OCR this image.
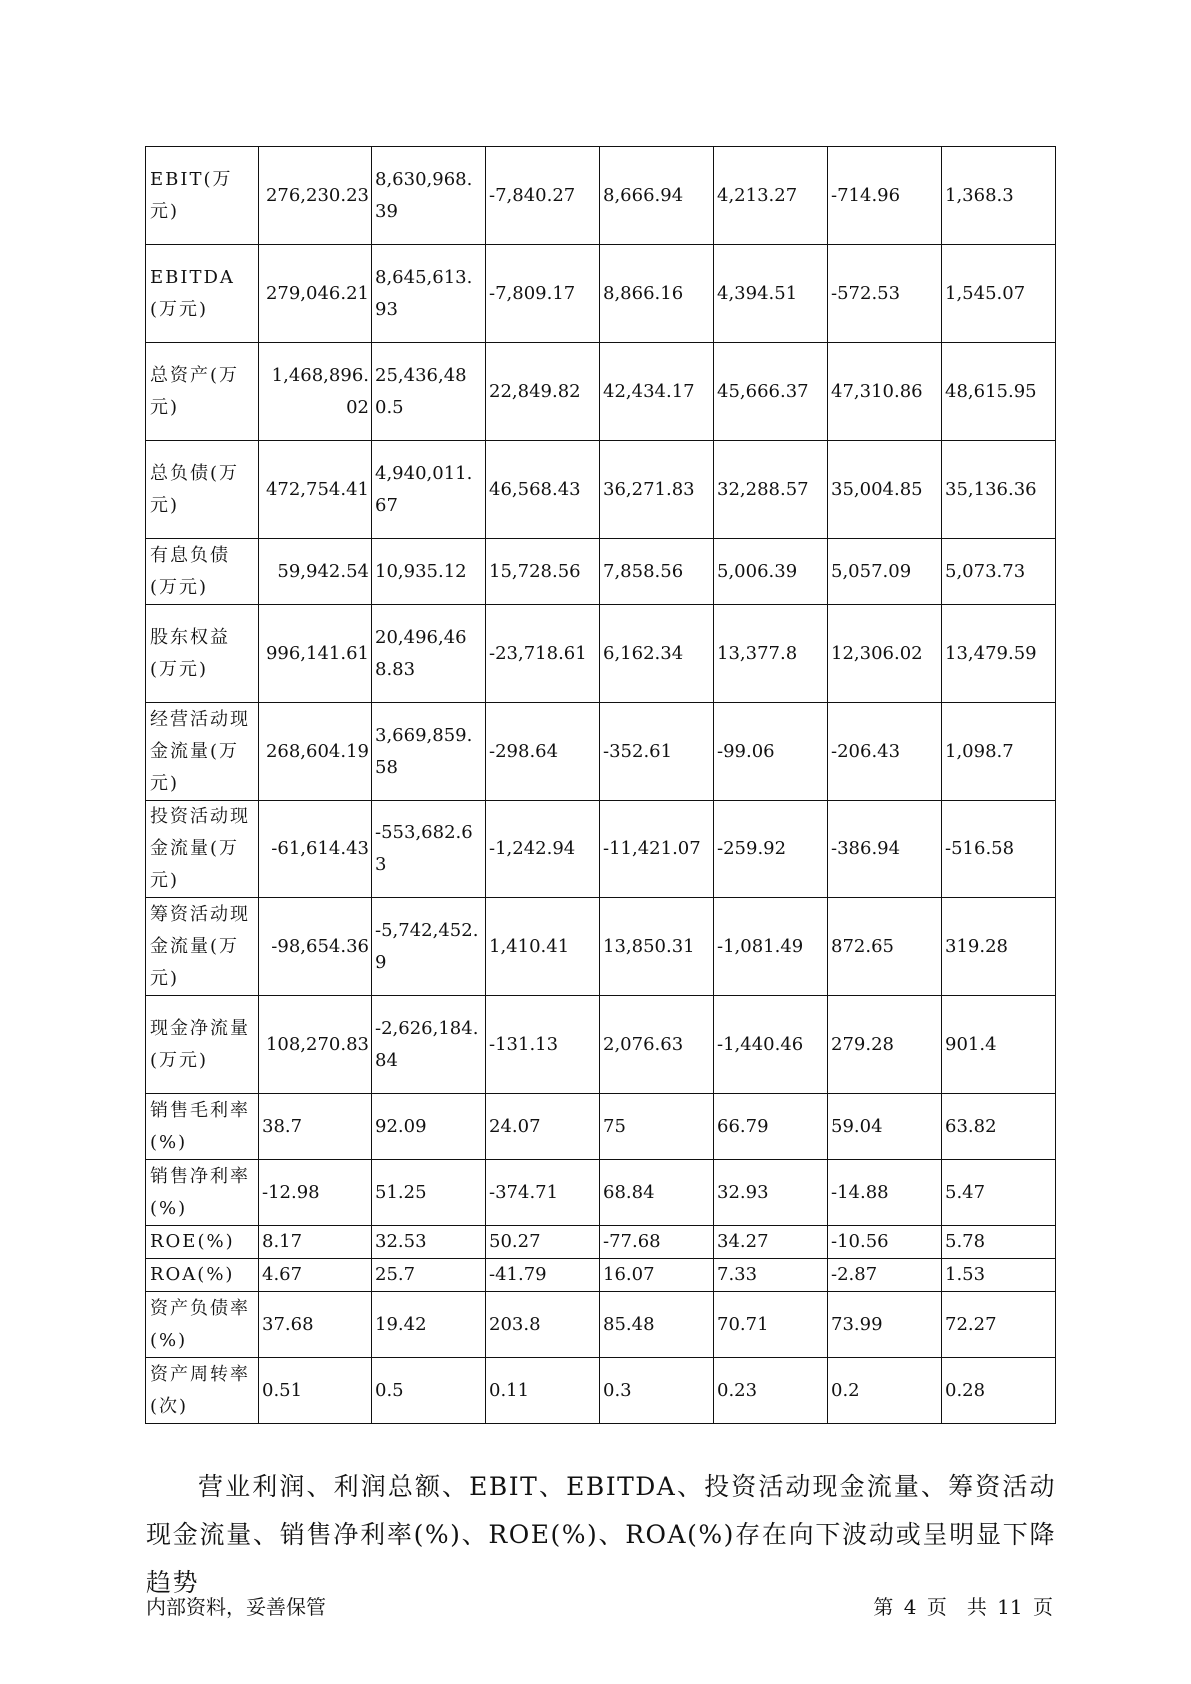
EBIT(万元)	276,230.23	8,630,968.39	-7,840.27	8,666.94	4,213.27	-714.96	1,368.3
EBITDA(万元)	279,046.21	8,645,613.93	-7,809.17	8,866.16	4,394.51	-572.53	1,545.07
总资产(万元)	1,468,896.02	25,436,480.5	22,849.82	42,434.17	45,666.37	47,310.86	48,615.95
总负债(万元)	472,754.41	4,940,011.67	46,568.43	36,271.83	32,288.57	35,004.85	35,136.36
有息负债(万元)	59,942.54	10,935.12	15,728.56	7,858.56	5,006.39	5,057.09	5,073.73
股东权益(万元)	996,141.61	20,496,468.83	-23,718.61	6,162.34	13,377.8	12,306.02	13,479.59
经营活动现金流量(万元)	268,604.19	3,669,859.58	-298.64	-352.61	-99.06	-206.43	1,098.7
投资活动现金流量(万元)	-61,614.43	-553,682.63	-1,242.94	-11,421.07	-259.92	-386.94	-516.58
筹资活动现金流量(万元)	-98,654.36	-5,742,452.9	1,410.41	13,850.31	-1,081.49	872.65	319.28
现金净流量(万元)	108,270.83	-2,626,184.84	-131.13	2,076.63	-1,440.46	279.28	901.4
销售毛利率(%)	38.7	92.09	24.07	75	66.79	59.04	63.82
销售净利率(%)	-12.98	51.25	-374.71	68.84	32.93	-14.88	5.47
ROE(%)	8.17	32.53	50.27	-77.68	34.27	-10.56	5.78
ROA(%)	4.67	25.7	-41.79	16.07	7.33	-2.87	1.53
资产负债率(%)	37.68	19.42	203.8	85.48	70.71	73.99	72.27
资产周转率(次)	0.51	0.5	0.11	0.3	0.23	0.2	0.28

营业利润、利润总额、EBIT、EBITDA、投资活动现金流量、筹资活动现金流量、销售净利率(%)、ROE(%)、ROA(%)存在向下波动或呈明显下降趋势

内部资料，妥善保管	第 4 页　共 11 页
